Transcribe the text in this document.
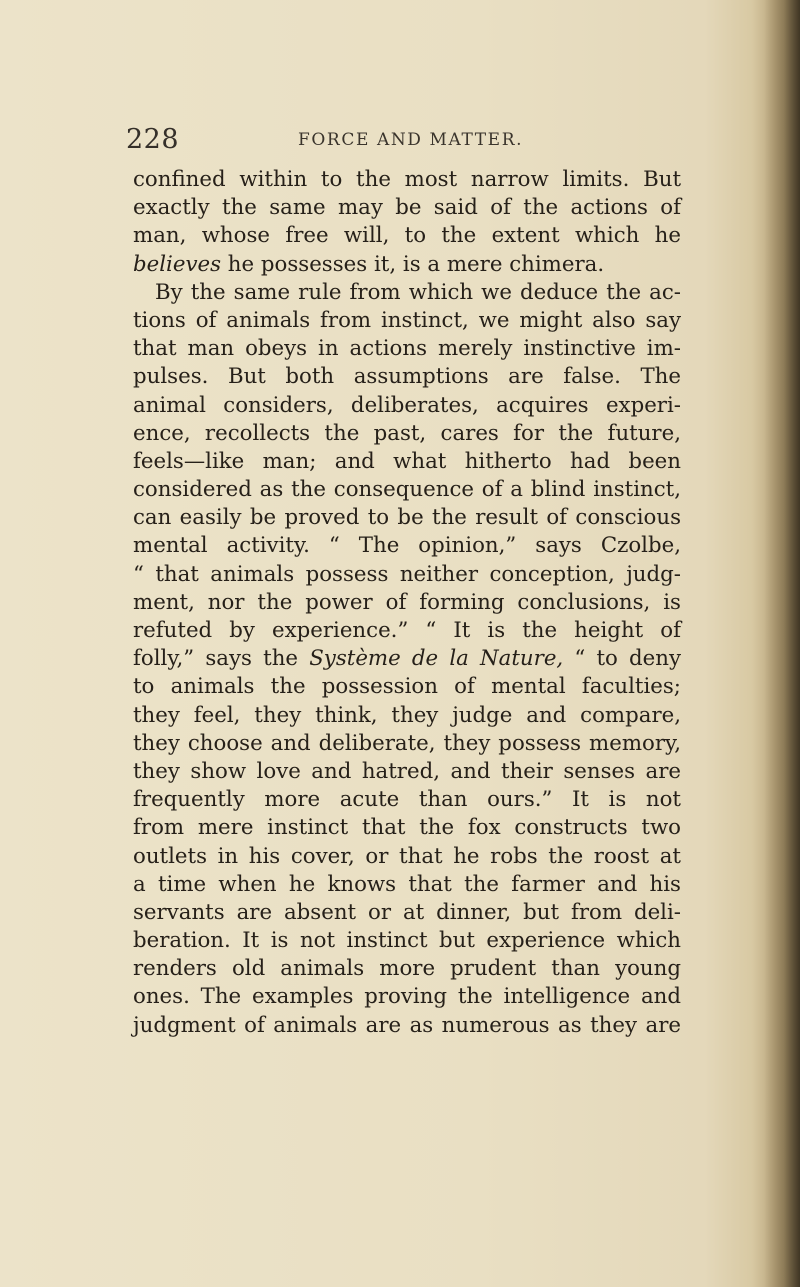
228	FORCE AND MATTER.
confined within to the most narrow limits. But
exactly the same may be said of the actions of
man, whose free will, to the extent which he
believes he possesses it, is a mere chimera.
By the same rule from which we deduce the ac-
tions of animals from instinct, we might also say
that man obeys in actions merely instinctive im-
pulses. But both assumptions are false. The
animal considers, deliberates, acquires experi-
ence, recollects the past, cares for the future,
feels—like man; and what hitherto had been
considered as the consequence of a blind instinct,
can easily be proved to be the result of conscious
mental activity. “ The opinion,” says Czolbe,
“ that animals possess neither conception, judg-
ment, nor the power of forming conclusions, is
refuted by experience.” “ It is the height of
folly,” says the Système de la Nature, “ to deny
to animals the possession of mental faculties;
they feel, they think, they judge and compare,
they choose and deliberate, they possess memory,
they show love and hatred, and their senses are
frequently more acute than ours.” It is not
from mere instinct that the fox constructs two
outlets in his cover, or that he robs the roost at
a time when he knows that the farmer and his
servants are absent or at dinner, but from deli-
beration. It is not instinct but experience which
renders old animals more prudent than young
ones. The examples proving the intelligence and
judgment of animals are as numerous as they are
